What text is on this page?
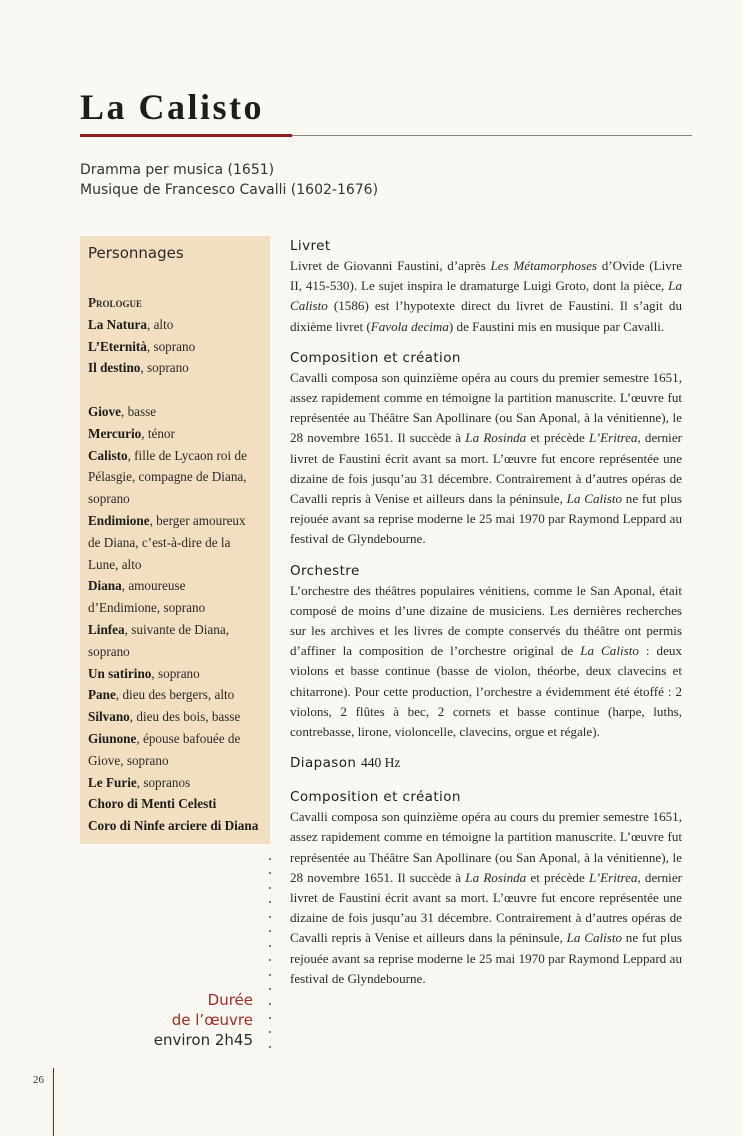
La Calisto
Dramma per musica (1651)
Musique de Francesco Cavalli (1602-1676)
Personnages
Prologue
La Natura, alto
L’Eternità, soprano
Il destino, soprano
Giove, basse
Mercurio, ténor
Calisto, fille de Lycaon roi de
Pélasgie, compagne de Diana,
soprano
Endimione, berger amoureux
de Diana, c’est-à-dire de la
Lune, alto
Diana, amoureuse
d’Endimione, soprano
Linfea, suivante de Diana,
soprano
Un satirino, soprano
Pane, dieu des bergers, alto
Silvano, dieu des bois, basse
Giunone, épouse bafouée de
Giove, soprano
Le Furie, sopranos
Choro di Menti Celesti
Coro di Ninfe arciere di Diana
Durée
de l’œuvre
environ 2h45
Livret
Livret de Giovanni Faustini, d’après Les Métamorphoses d’Ovide (Livre II, 415-530). Le sujet inspira le dramaturge Luigi Groto, dont la pièce, La Calisto (1586) est l’hypotexte direct du livret de Faustini. Il s’agit du dixième livret (Favola decima) de Faustini mis en musique par Cavalli.
Composition et création
Cavalli composa son quinzième opéra au cours du premier semestre 1651, assez rapidement comme en témoigne la partition manuscrite. L’œuvre fut représentée au Théâtre San Apollinare (ou San Aponal, à la vénitienne), le 28 novembre 1651. Il succède à La Rosinda et précède L’Eritrea, dernier livret de Faustini écrit avant sa mort. L’œuvre fut encore représentée une dizaine de fois jusqu’au 31 décembre. Contrairement à d’autres opéras de Cavalli repris à Venise et ailleurs dans la péninsule, La Calisto ne fut plus rejouée avant sa reprise moderne le 25 mai 1970 par Raymond Leppard au festival de Glyndebourne.
Orchestre
L’orchestre des théâtres populaires vénitiens, comme le San Aponal, était composé de moins d’une dizaine de musiciens. Les dernières recherches sur les archives et les livres de compte conservés du théâtre ont permis d’affiner la composition de l’orchestre original de La Calisto : deux violons et basse continue (basse de violon, théorbe, deux clavecins et chitarrone). Pour cette production, l’orchestre a évidemment été étoffé : 2 violons, 2 flûtes à bec, 2 cornets et basse continue (harpe, luths, contrebasse, lirone, violoncelle, clavecins, orgue et régale).
Diapason 440 Hz
Composition et création
Cavalli composa son quinzième opéra au cours du premier semestre 1651, assez rapidement comme en témoigne la partition manuscrite. L’œuvre fut représentée au Théâtre San Apollinare (ou San Aponal, à la vénitienne), le 28 novembre 1651. Il succède à La Rosinda et précède L’Eritrea, dernier livret de Faustini écrit avant sa mort. L’œuvre fut encore représentée une dizaine de fois jusqu’au 31 décembre. Contrairement à d’autres opéras de Cavalli repris à Venise et ailleurs dans la péninsule, La Calisto ne fut plus rejouée avant sa reprise moderne le 25 mai 1970 par Raymond Leppard au festival de Glyndebourne.
26
